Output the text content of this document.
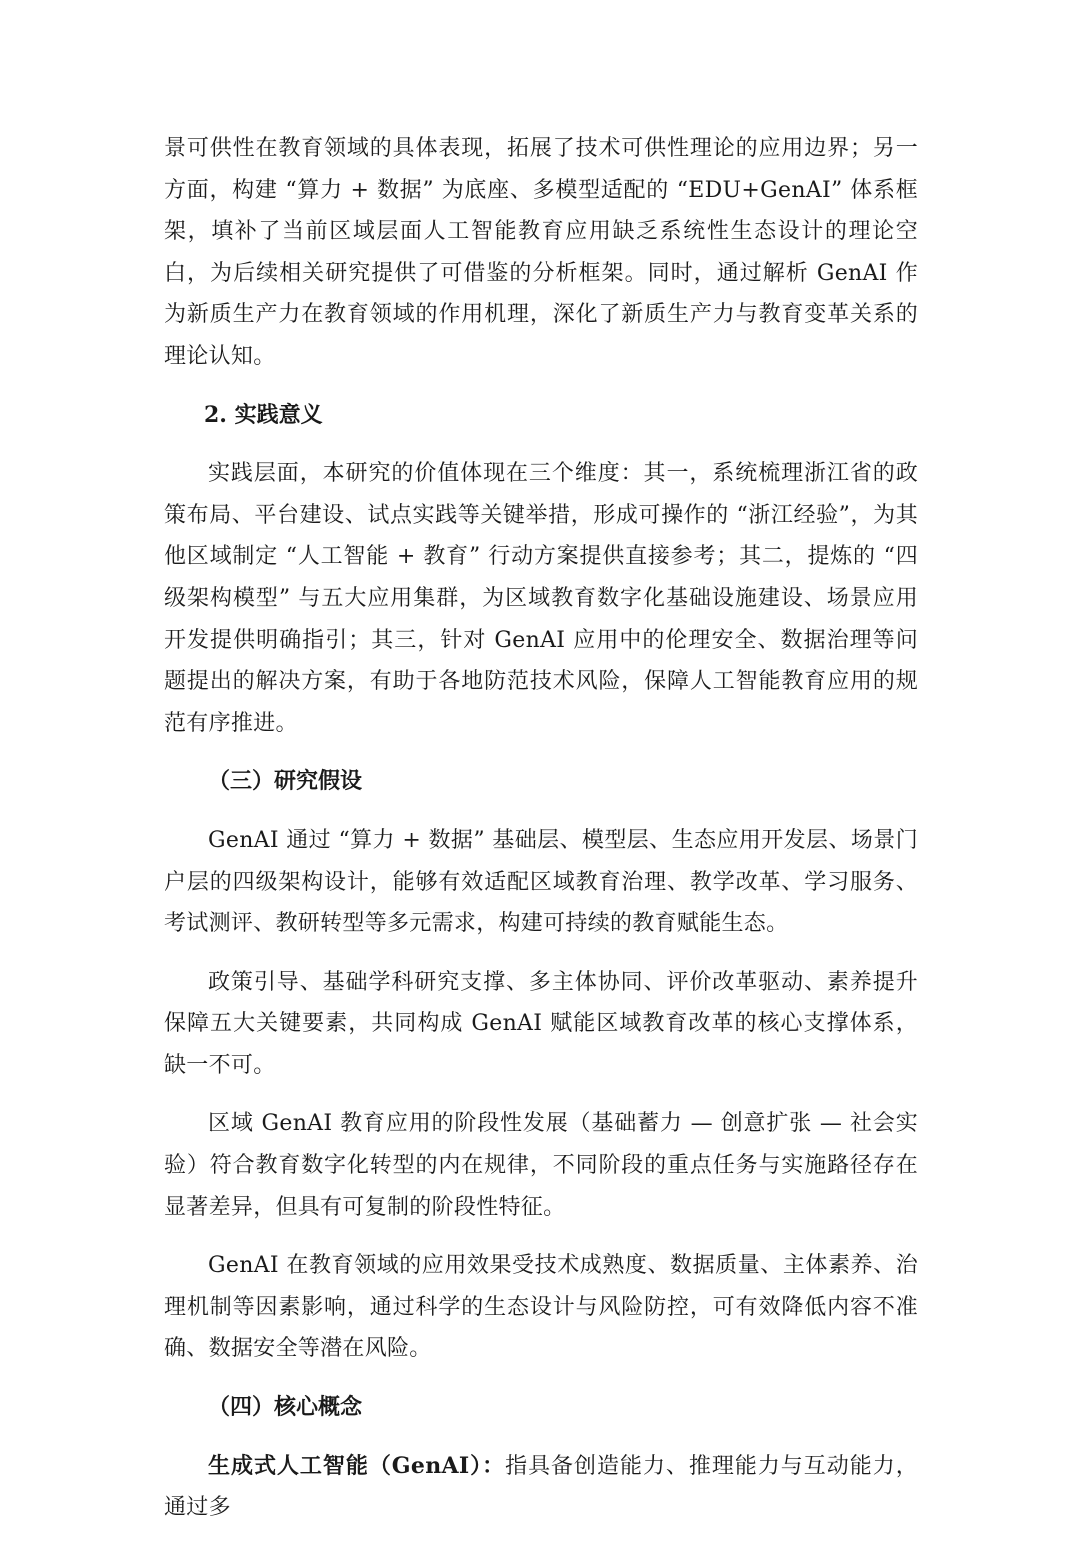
景可供性在教育领域的具体表现，拓展了技术可供性理论的应用边界；另一方面，构建 “算力 + 数据” 为底座、多模型适配的 “EDU+GenAI” 体系框架，填补了当前区域层面人工智能教育应用缺乏系统性生态设计的理论空白，为后续相关研究提供了可借鉴的分析框架。同时，通过解析 GenAI 作为新质生产力在教育领域的作用机理，深化了新质生产力与教育变革关系的理论认知。

2. 实践意义

实践层面，本研究的价值体现在三个维度：其一，系统梳理浙江省的政策布局、平台建设、试点实践等关键举措，形成可操作的 “浙江经验”，为其他区域制定 “人工智能 + 教育” 行动方案提供直接参考；其二，提炼的 “四级架构模型” 与五大应用集群，为区域教育数字化基础设施建设、场景应用开发提供明确指引；其三，针对 GenAI 应用中的伦理安全、数据治理等问题提出的解决方案，有助于各地防范技术风险，保障人工智能教育应用的规范有序推进。

（三）研究假设

GenAI 通过 “算力 + 数据” 基础层、模型层、生态应用开发层、场景门户层的四级架构设计，能够有效适配区域教育治理、教学改革、学习服务、考试测评、教研转型等多元需求，构建可持续的教育赋能生态。

政策引导、基础学科研究支撑、多主体协同、评价改革驱动、素养提升保障五大关键要素，共同构成 GenAI 赋能区域教育改革的核心支撑体系，缺一不可。

区域 GenAI 教育应用的阶段性发展（基础蓄力 — 创意扩张 — 社会实验）符合教育数字化转型的内在规律，不同阶段的重点任务与实施路径存在显著差异，但具有可复制的阶段性特征。

GenAI 在教育领域的应用效果受技术成熟度、数据质量、主体素养、治理机制等因素影响，通过科学的生态设计与风险防控，可有效降低内容不准确、数据安全等潜在风险。

（四）核心概念

生成式人工智能（GenAI）：指具备创造能力、推理能力与互动能力，通过多
